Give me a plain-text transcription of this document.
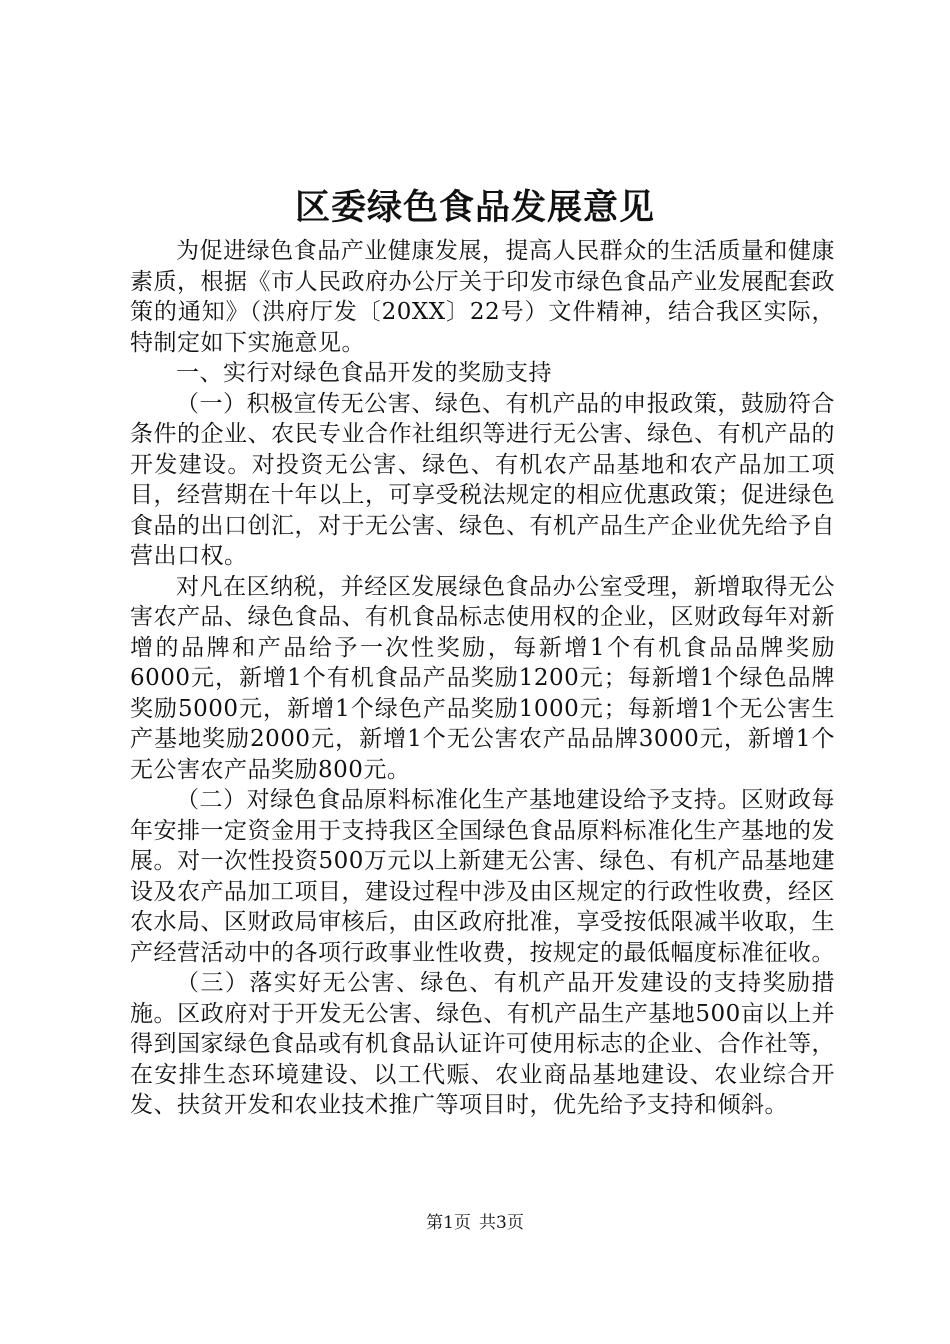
区委绿色食品发展意见

为促进绿色食品产业健康发展，提高人民群众的生活质量和健康素质，根据《市人民政府办公厅关于印发市绿色食品产业发展配套政策的通知》（洪府厅发〔20XX〕22号）文件精神，结合我区实际，特制定如下实施意见。

一、实行对绿色食品开发的奖励支持

（一）积极宣传无公害、绿色、有机产品的申报政策，鼓励符合条件的企业、农民专业合作社组织等进行无公害、绿色、有机产品的开发建设。对投资无公害、绿色、有机农产品基地和农产品加工项目，经营期在十年以上，可享受税法规定的相应优惠政策；促进绿色食品的出口创汇，对于无公害、绿色、有机产品生产企业优先给予自营出口权。

对凡在区纳税，并经区发展绿色食品办公室受理，新增取得无公害农产品、绿色食品、有机食品标志使用权的企业，区财政每年对新增的品牌和产品给予一次性奖励，每新增1个有机食品品牌奖励6000元，新增1个有机食品产品奖励1200元；每新增1个绿色品牌奖励5000元，新增1个绿色产品奖励1000元；每新增1个无公害生产基地奖励2000元，新增1个无公害农产品品牌3000元，新增1个无公害农产品奖励800元。

（二）对绿色食品原料标准化生产基地建设给予支持。区财政每年安排一定资金用于支持我区全国绿色食品原料标准化生产基地的发展。对一次性投资500万元以上新建无公害、绿色、有机产品基地建设及农产品加工项目，建设过程中涉及由区规定的行政性收费，经区农水局、区财政局审核后，由区政府批准，享受按低限减半收取，生产经营活动中的各项行政事业性收费，按规定的最低幅度标准征收。

（三）落实好无公害、绿色、有机产品开发建设的支持奖励措施。区政府对于开发无公害、绿色、有机产品生产基地500亩以上并得到国家绿色食品或有机食品认证许可使用标志的企业、合作社等，在安排生态环境建设、以工代赈、农业商品基地建设、农业综合开发、扶贫开发和农业技术推广等项目时，优先给予支持和倾斜。

第1页 共3页
